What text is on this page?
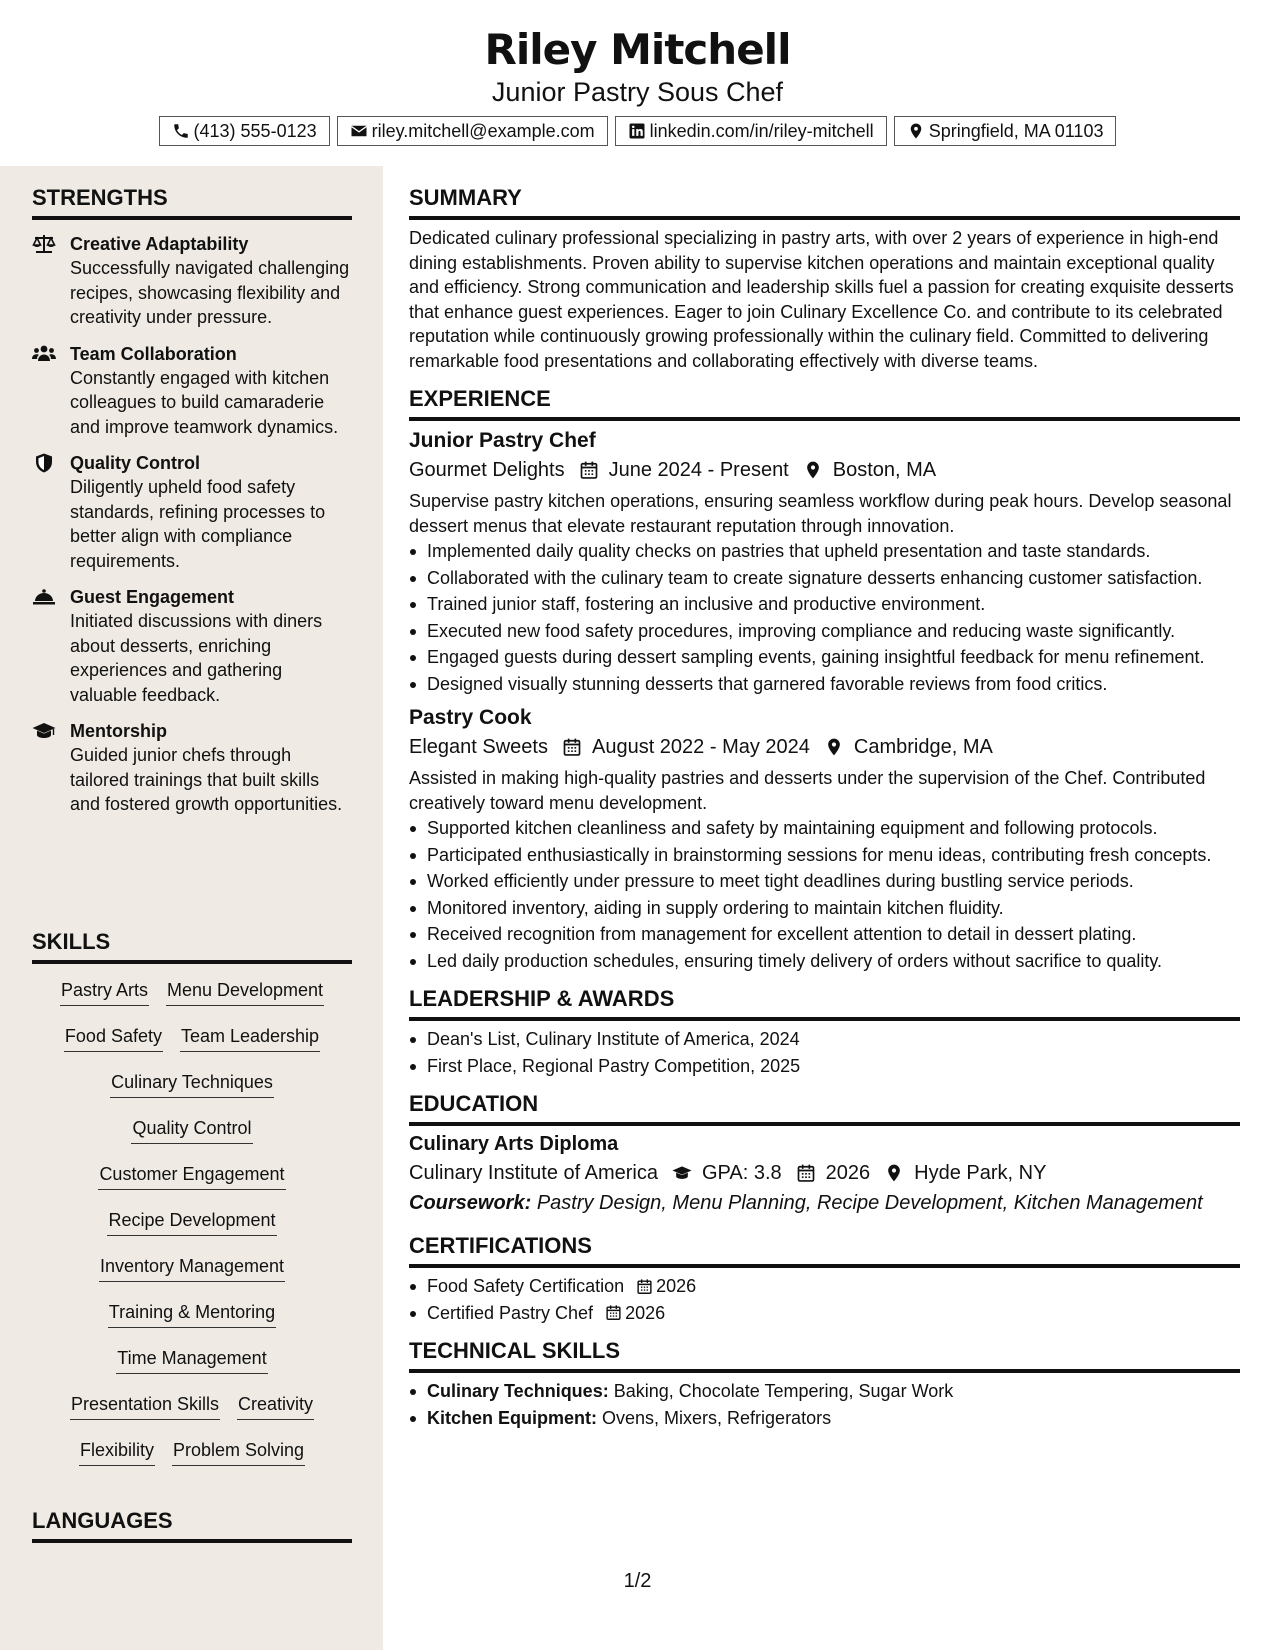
Riley Mitchell
Junior Pastry Sous Chef
(413) 555-0123	riley.mitchell@example.com	linkedin.com/in/riley-mitchell	Springfield, MA 01103
STRENGTHS
Creative Adaptability
Successfully navigated challenging recipes, showcasing flexibility and creativity under pressure.
Team Collaboration
Constantly engaged with kitchen colleagues to build camaraderie and improve teamwork dynamics.
Quality Control
Diligently upheld food safety standards, refining processes to better align with compliance requirements.
Guest Engagement
Initiated discussions with diners about desserts, enriching experiences and gathering valuable feedback.
Mentorship
Guided junior chefs through tailored trainings that built skills and fostered growth opportunities.
SKILLS
Pastry Arts Menu Development
Food Safety Team Leadership
Culinary Techniques
Quality Control
Customer Engagement
Recipe Development
Inventory Management
Training & Mentoring
Time Management
Presentation Skills Creativity
Flexibility Problem Solving
LANGUAGES
SUMMARY
Dedicated culinary professional specializing in pastry arts, with over 2 years of experience in high-end dining establishments. Proven ability to supervise kitchen operations and maintain exceptional quality and efficiency. Strong communication and leadership skills fuel a passion for creating exquisite desserts that enhance guest experiences. Eager to join Culinary Excellence Co. and contribute to its celebrated reputation while continuously growing professionally within the culinary field. Committed to delivering remarkable food presentations and collaborating effectively with diverse teams.
EXPERIENCE
Junior Pastry Chef
Gourmet Delights June 2024 - Present Boston, MA
Supervise pastry kitchen operations, ensuring seamless workflow during peak hours. Develop seasonal dessert menus that elevate restaurant reputation through innovation.
Implemented daily quality checks on pastries that upheld presentation and taste standards.
Collaborated with the culinary team to create signature desserts enhancing customer satisfaction.
Trained junior staff, fostering an inclusive and productive environment.
Executed new food safety procedures, improving compliance and reducing waste significantly.
Engaged guests during dessert sampling events, gaining insightful feedback for menu refinement.
Designed visually stunning desserts that garnered favorable reviews from food critics.
Pastry Cook
Elegant Sweets August 2022 - May 2024 Cambridge, MA
Assisted in making high-quality pastries and desserts under the supervision of the Chef. Contributed creatively toward menu development.
Supported kitchen cleanliness and safety by maintaining equipment and following protocols.
Participated enthusiastically in brainstorming sessions for menu ideas, contributing fresh concepts.
Worked efficiently under pressure to meet tight deadlines during bustling service periods.
Monitored inventory, aiding in supply ordering to maintain kitchen fluidity.
Received recognition from management for excellent attention to detail in dessert plating.
Led daily production schedules, ensuring timely delivery of orders without sacrifice to quality.
LEADERSHIP & AWARDS
Dean's List, Culinary Institute of America, 2024
First Place, Regional Pastry Competition, 2025
EDUCATION
Culinary Arts Diploma
Culinary Institute of America GPA: 3.8 2026 Hyde Park, NY
Coursework: Pastry Design, Menu Planning, Recipe Development, Kitchen Management
CERTIFICATIONS
Food Safety Certification 2026
Certified Pastry Chef 2026
TECHNICAL SKILLS
Culinary Techniques: Baking, Chocolate Tempering, Sugar Work
Kitchen Equipment: Ovens, Mixers, Refrigerators
1/2
